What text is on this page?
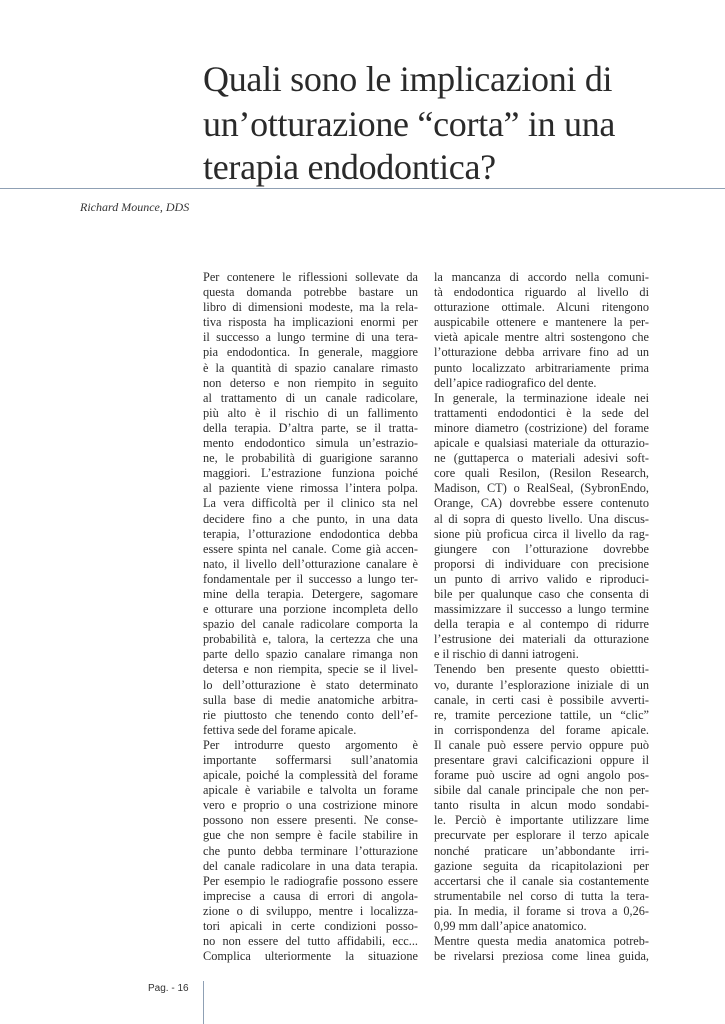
Quali sono le implicazioni di
un’otturazione “corta” in una
terapia endodontica?
Richard Mounce, DDS
Per contenere le riflessioni sollevate da
questa domanda potrebbe bastare un
libro di dimensioni modeste, ma la rela-
tiva risposta ha implicazioni enormi per
il successo a lungo termine di una tera-
pia endodontica. In generale, maggiore
è la quantità di spazio canalare rimasto
non deterso e non riempito in seguito
al trattamento di un canale radicolare,
più alto è il rischio di un fallimento
della terapia. D’altra parte, se il tratta-
mento endodontico simula un’estrazio-
ne, le probabilità di guarigione saranno
maggiori. L’estrazione funziona poiché
al paziente viene rimossa l’intera polpa.
La vera difficoltà per il clinico sta nel
decidere fino a che punto, in una data
terapia, l’otturazione endodontica debba
essere spinta nel canale. Come già accen-
nato, il livello dell’otturazione canalare è
fondamentale per il successo a lungo ter-
mine della terapia. Detergere, sagomare
e otturare una porzione incompleta dello
spazio del canale radicolare comporta la
probabilità e, talora, la certezza che una
parte dello spazio canalare rimanga non
detersa e non riempita, specie se il livel-
lo dell’otturazione è stato determinato
sulla base di medie anatomiche arbitra-
rie piuttosto che tenendo conto dell’ef-
fettiva sede del forame apicale.
Per introdurre questo argomento è
importante soffermarsi sull’anatomia
apicale, poiché la complessità del forame
apicale è variabile e talvolta un forame
vero e proprio o una costrizione minore
possono non essere presenti. Ne conse-
gue che non sempre è facile stabilire in
che punto debba terminare l’otturazione
del canale radicolare in una data terapia.
Per esempio le radiografie possono essere
imprecise a causa di errori di angola-
zione o di sviluppo, mentre i localizza-
tori apicali in certe condizioni posso-
no non essere del tutto affidabili, ecc...
Complica ulteriormente la situazione
la mancanza di accordo nella comuni-
tà endodontica riguardo al livello di
otturazione ottimale. Alcuni ritengono
auspicabile ottenere e mantenere la per-
vietà apicale mentre altri sostengono che
l’otturazione debba arrivare fino ad un
punto localizzato arbitrariamente prima
dell’apice radiografico del dente.
In generale, la terminazione ideale nei
trattamenti endodontici è la sede del
minore diametro (costrizione) del forame
apicale e qualsiasi materiale da otturazio-
ne (guttaperca o materiali adesivi soft-
core quali Resilon, (Resilon Research,
Madison, CT) o RealSeal, (SybronEndo,
Orange, CA) dovrebbe essere contenuto
al di sopra di questo livello. Una discus-
sione più proficua circa il livello da rag-
giungere con l’otturazione dovrebbe
proporsi di individuare con precisione
un punto di arrivo valido e riproduci-
bile per qualunque caso che consenta di
massimizzare il successo a lungo termine
della terapia e al contempo di ridurre
l’estrusione dei materiali da otturazione
e il rischio di danni iatrogeni.
Tenendo ben presente questo obiettti-
vo, durante l’esplorazione iniziale di un
canale, in certi casi è possibile avverti-
re, tramite percezione tattile, un “clic”
in corrispondenza del forame apicale.
Il canale può essere pervio oppure può
presentare gravi calcificazioni oppure il
forame può uscire ad ogni angolo pos-
sibile dal canale principale che non per-
tanto risulta in alcun modo sondabi-
le. Perciò è importante utilizzare lime
precurvate per esplorare il terzo apicale
nonché praticare un’abbondante irri-
gazione seguita da ricapitolazioni per
accertarsi che il canale sia costantemente
strumentabile nel corso di tutta la tera-
pia. In media, il forame si trova a 0,26-
0,99 mm dall’apice anatomico.
Mentre questa media anatomica potreb-
be rivelarsi preziosa come linea guida,
Pag. - 16
